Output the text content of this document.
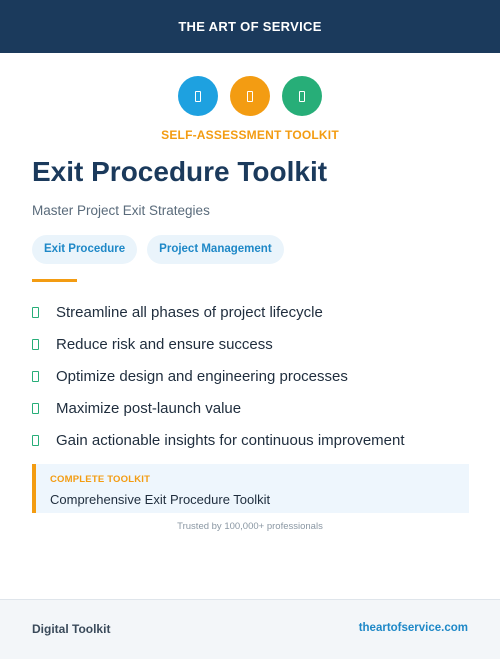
THE ART OF SERVICE
SELF-ASSESSMENT TOOLKIT
Exit Procedure Toolkit
Master Project Exit Strategies
Exit Procedure	Project Management
Streamline all phases of project lifecycle
Reduce risk and ensure success
Optimize design and engineering processes
Maximize post-launch value
Gain actionable insights for continuous improvement
COMPLETE TOOLKIT
Comprehensive Exit Procedure Toolkit
Trusted by 100,000+ professionals
Digital Toolkit	theartofservice.com
